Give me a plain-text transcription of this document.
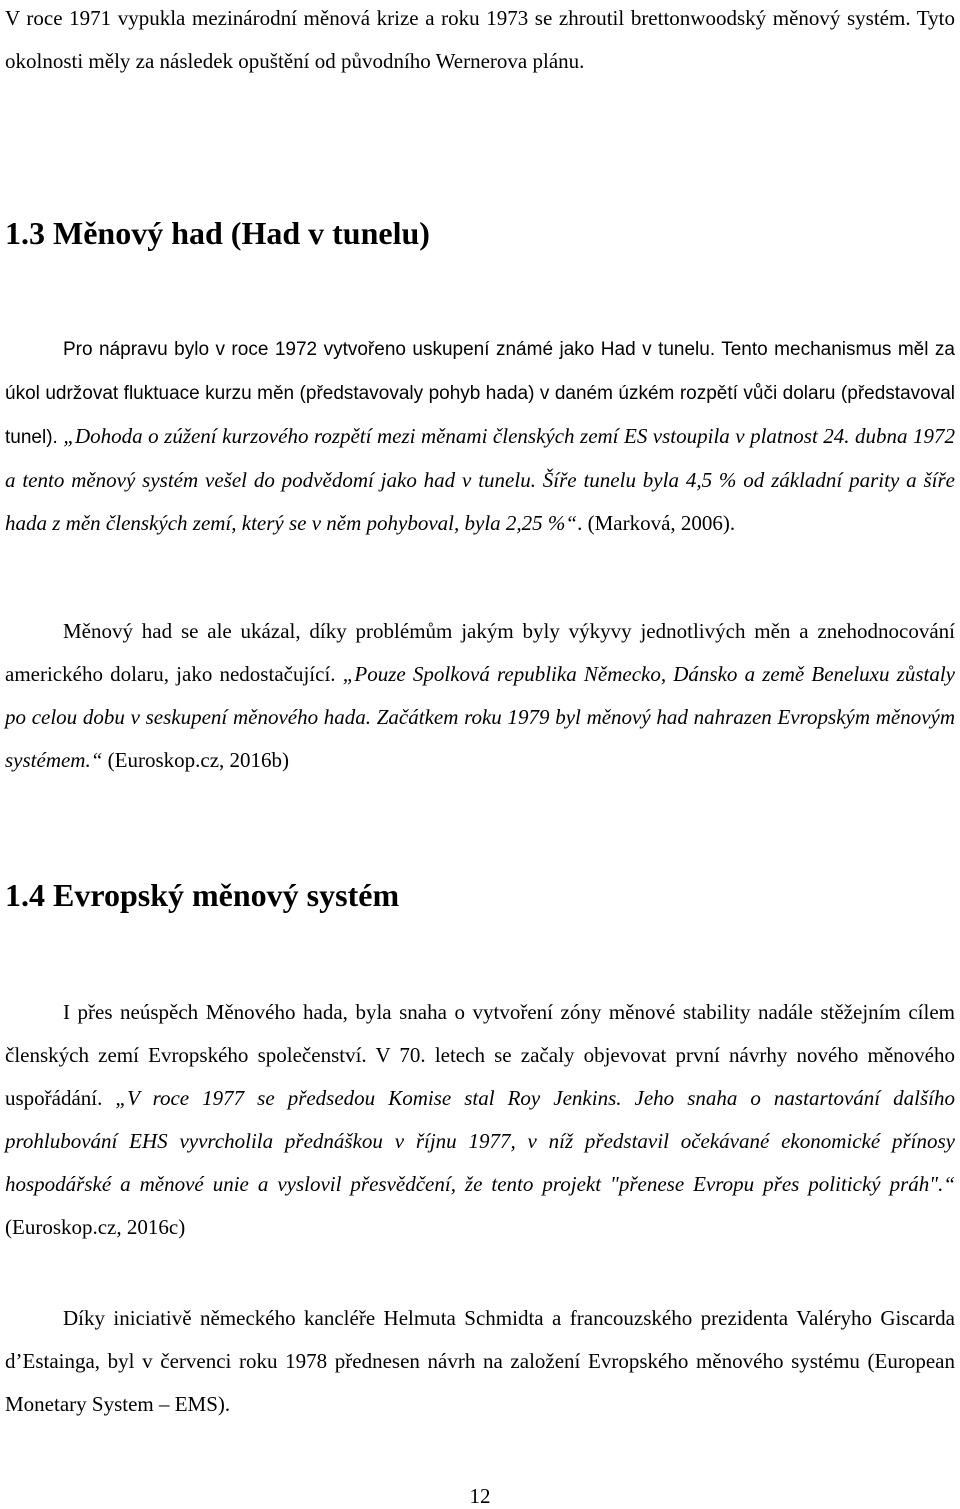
V roce 1971 vypukla mezinárodní měnová krize a roku 1973 se zhroutil brettonwoodský měnový systém. Tyto okolnosti měly za následek opuštění od původního Wernerova plánu.

1.3 Měnový had (Had v tunelu)

Pro nápravu bylo v roce 1972 vytvořeno uskupení známé jako Had v tunelu. Tento mechanismus měl za úkol udržovat fluktuace kurzu měn (představovaly pohyb hada) v daném úzkém rozpětí vůči dolaru (představoval tunel). „Dohoda o zúžení kurzového rozpětí mezi měnami členských zemí ES vstoupila v platnost 24. dubna 1972 a tento měnový systém vešel do podvědomí jako had v tunelu. Šíře tunelu byla 4,5 % od základní parity a šíře hada z měn členských zemí, který se v něm pohyboval, byla 2,25 %“. (Marková, 2006).

Měnový had se ale ukázal, díky problémům jakým byly výkyvy jednotlivých měn a znehodnocování amerického dolaru, jako nedostačující. „Pouze Spolková republika Německo, Dánsko a země Beneluxu zůstaly po celou dobu v seskupení měnového hada. Začátkem roku 1979 byl měnový had nahrazen Evropským měnovým systémem.“ (Euroskop.cz, 2016b)

1.4 Evropský měnový systém

I přes neúspěch Měnového hada, byla snaha o vytvoření zóny měnové stability nadále stěžejním cílem členských zemí Evropského společenství. V 70. letech se začaly objevovat první návrhy nového měnového uspořádání. „V roce 1977 se předsedou Komise stal Roy Jenkins. Jeho snaha o nastartování dalšího prohlubování EHS vyvrcholila přednáškou v říjnu 1977, v níž představil očekávané ekonomické přínosy hospodářské a měnové unie a vyslovil přesvědčení, že tento projekt "přenese Evropu přes politický práh".“ (Euroskop.cz, 2016c)

Díky iniciativě německého kancléře Helmuta Schmidta a francouzského prezidenta Valéryho Giscarda d’Estainga, byl v červenci roku 1978 přednesen návrh na založení Evropského měnového systému (European Monetary System – EMS).

12
